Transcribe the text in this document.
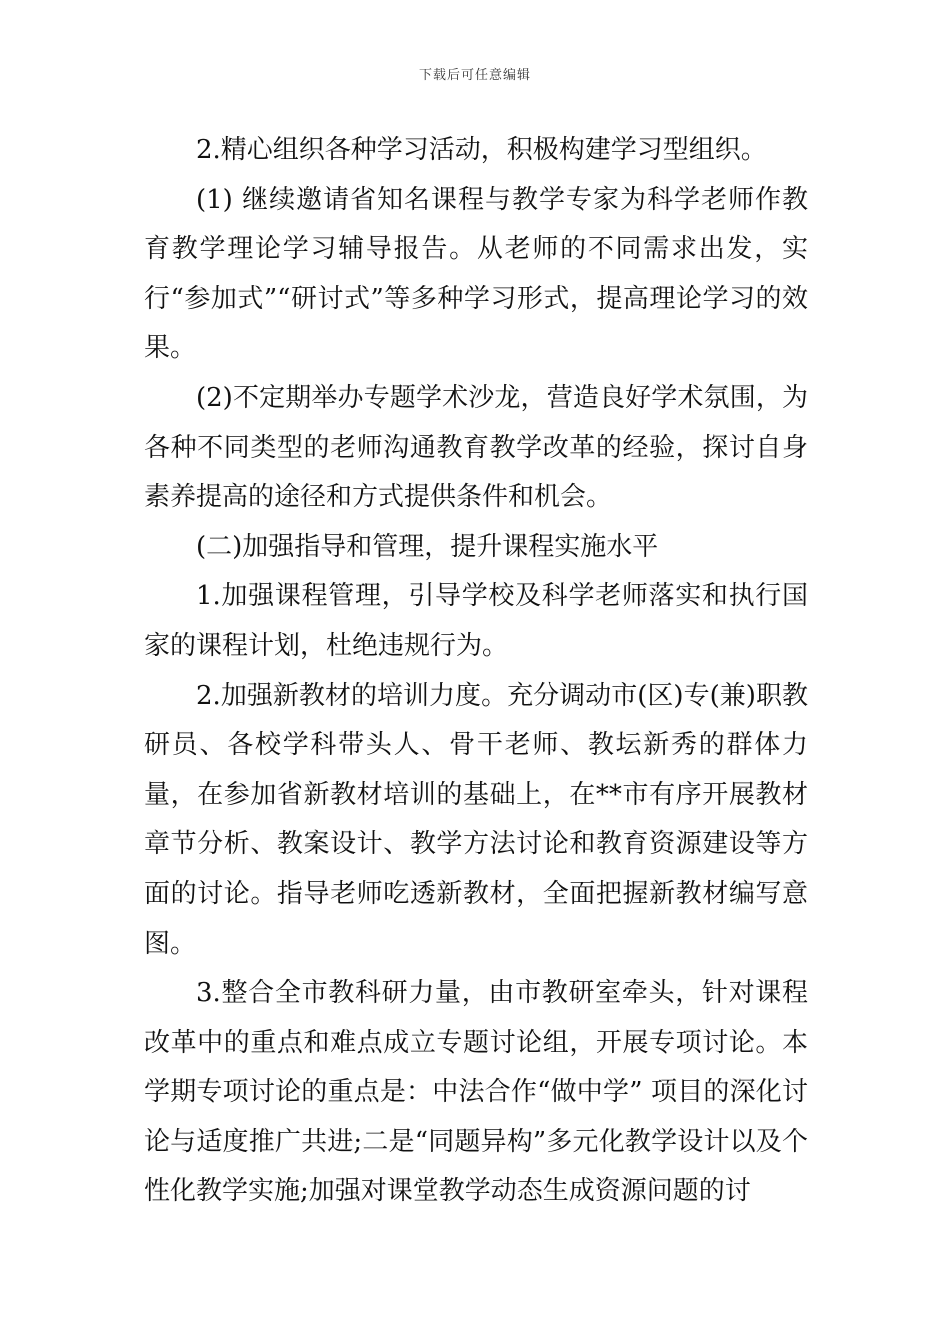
下载后可任意编辑

2.精心组织各种学习活动，积极构建学习型组织。

(1) 继续邀请省知名课程与教学专家为科学老师作教育教学理论学习辅导报告。从老师的不同需求出发，实行“参加式”“研讨式”等多种学习形式，提高理论学习的效果。

(2)不定期举办专题学术沙龙，营造良好学术氛围，为各种不同类型的老师沟通教育教学改革的经验，探讨自身素养提高的途径和方式提供条件和机会。

(二)加强指导和管理，提升课程实施水平

1.加强课程管理，引导学校及科学老师落实和执行国家的课程计划，杜绝违规行为。

2.加强新教材的培训力度。充分调动市(区)专(兼)职教研员、各校学科带头人、骨干老师、教坛新秀的群体力量，在参加省新教材培训的基础上，在**市有序开展教材章节分析、教案设计、教学方法讨论和教育资源建设等方面的讨论。指导老师吃透新教材，全面把握新教材编写意图。

3.整合全市教科研力量，由市教研室牵头，针对课程改革中的重点和难点成立专题讨论组，开展专项讨论。本学期专项讨论的重点是：中法合作“做中学” 项目的深化讨论与适度推广共进;二是“同题异构”多元化教学设计以及个性化教学实施;加强对课堂教学动态生成资源问题的讨
